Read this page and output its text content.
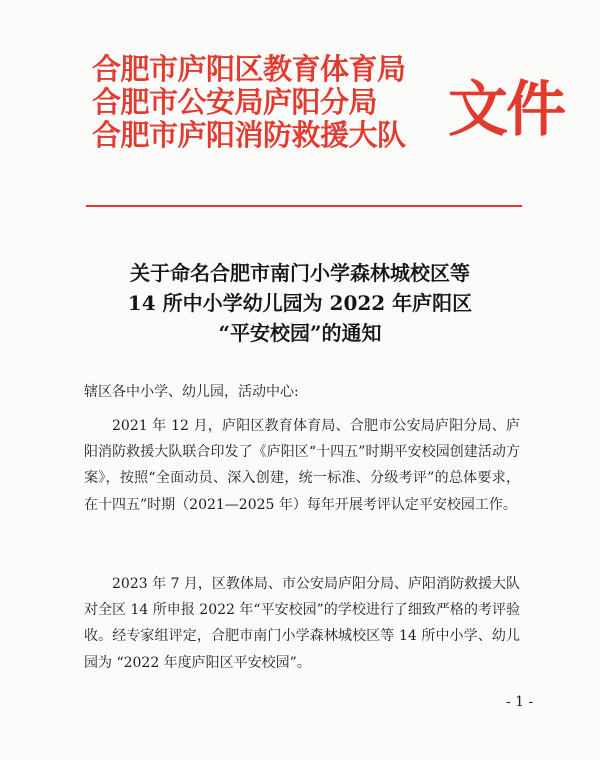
合肥市庐阳区教育体育局
合肥市公安局庐阳分局
合肥市庐阳消防救援大队 文件
关于命名合肥市南门小学森林城校区等
14 所中小学幼儿园为 2022 年庐阳区
“平安校园”的通知
辖区各中小学、幼儿园，活动中心:
2021 年 12 月，庐阳区教育体育局、合肥市公安局庐阳分局、庐阳消防救援大队联合印发了《庐阳区“十四五”时期平安校园创建活动方案》，按照“全面动员、深入创建，统一标准、分级考评”的总体要求，在十四五”时期（2021—2025 年）每年开展考评认定平安校园工作。
2023 年 7 月，区教体局、市公安局庐阳分局、庐阳消防救援大队对全区 14 所申报 2022 年“平安校园”的学校进行了细致严格的考评验收。经专家组评定，合肥市南门小学森林城校区等 14 所中小学、幼儿园为 “2022 年度庐阳区平安校园”。
- 1 -
